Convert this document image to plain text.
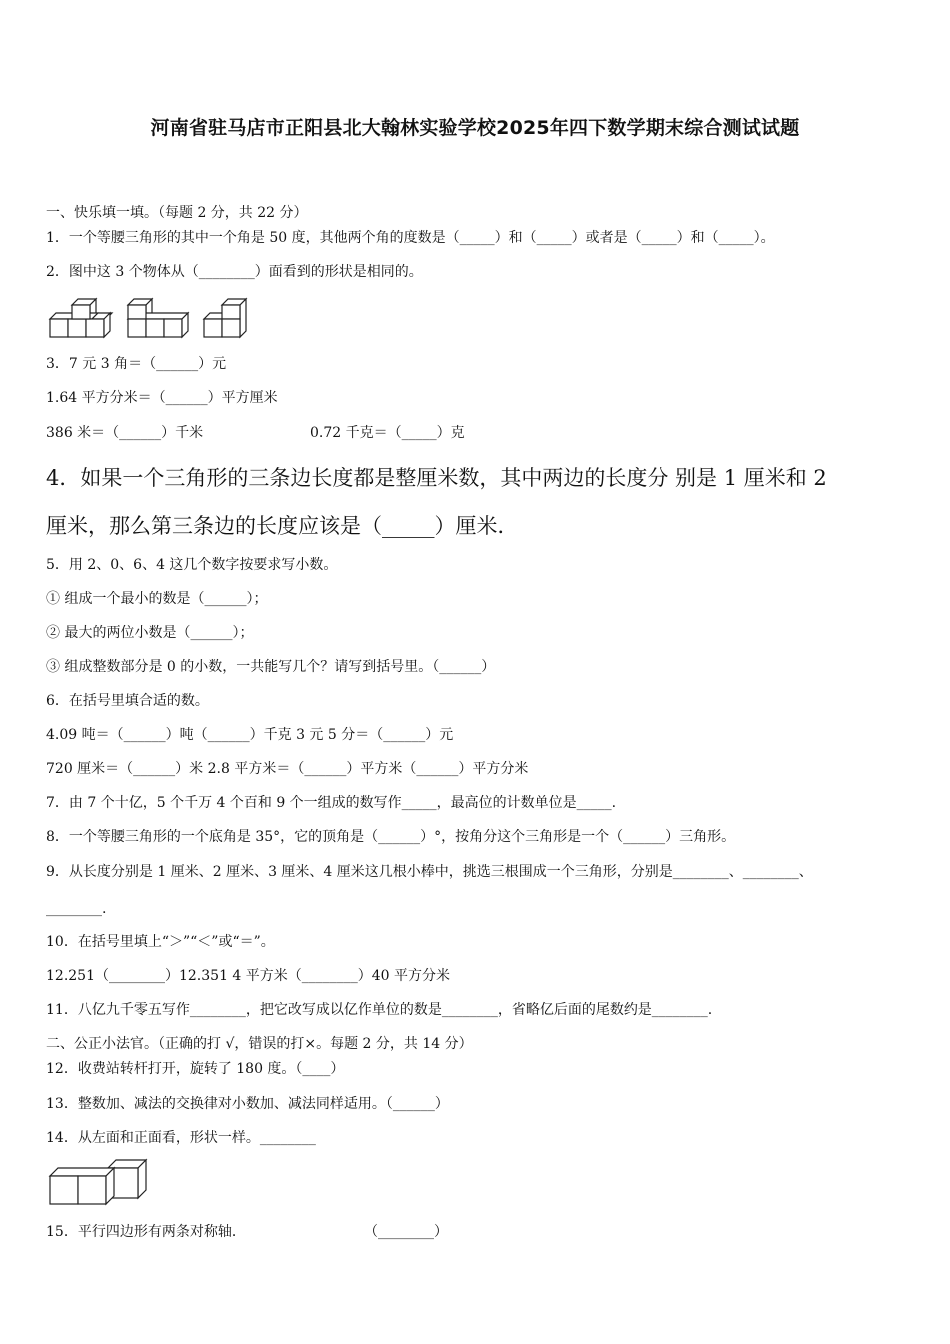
河南省驻马店市正阳县北大翰林实验学校2025年四下数学期末综合测试试题
一、快乐填一填。（每题 2 分，共 22 分）
1．一个等腰三角形的其中一个角是 50 度，其他两个角的度数是（_____）和（_____）或者是（_____）和（_____）。
2．图中这 3 个物体从（________）面看到的形状是相同的。
3．7 元 3 角＝（______）元
1.64 平方分米＝（______）平方厘米
386 米＝（______）千米	0.72 千克＝（_____）克
4．如果一个三角形的三条边长度都是整厘米数，其中两边的长度分 别是 1 厘米和 2
厘米，那么第三条边的长度应该是（_____）厘米．
5．用 2、0、6、4 这几个数字按要求写小数。
① 组成一个最小的数是（______）；
② 最大的两位小数是（______）；
③ 组成整数部分是 0 的小数，一共能写几个？请写到括号里。（______）
6．在括号里填合适的数。
4.09 吨＝（______）吨（______）千克 3 元 5 分＝（______）元
720 厘米＝（______）米 2.8 平方米＝（______）平方米（______）平方分米
7．由 7 个十亿，5 个千万 4 个百和 9 个一组成的数写作_____，最高位的计数单位是_____.
8．一个等腰三角形的一个底角是 35°，它的顶角是（______）°，按角分这个三角形是一个（______）三角形。
9．从长度分别是 1 厘米、2 厘米、3 厘米、4 厘米这几根小棒中，挑选三根围成一个三角形，分别是________、________、
________.
10．在括号里填上“＞”“＜”或“＝”。
12.251（________）12.351 4 平方米（________）40 平方分米
11．八亿九千零五写作________，把它改写成以亿作单位的数是________，省略亿后面的尾数约是________.
二、公正小法官。（正确的打 √，错误的打×。每题 2 分，共 14 分）
12．收费站转杆打开，旋转了 180 度。（____）
13．整数加、减法的交换律对小数加、减法同样适用。（______）
14．从左面和正面看，形状一样。________
15．平行四边形有两条对称轴．	（________）
